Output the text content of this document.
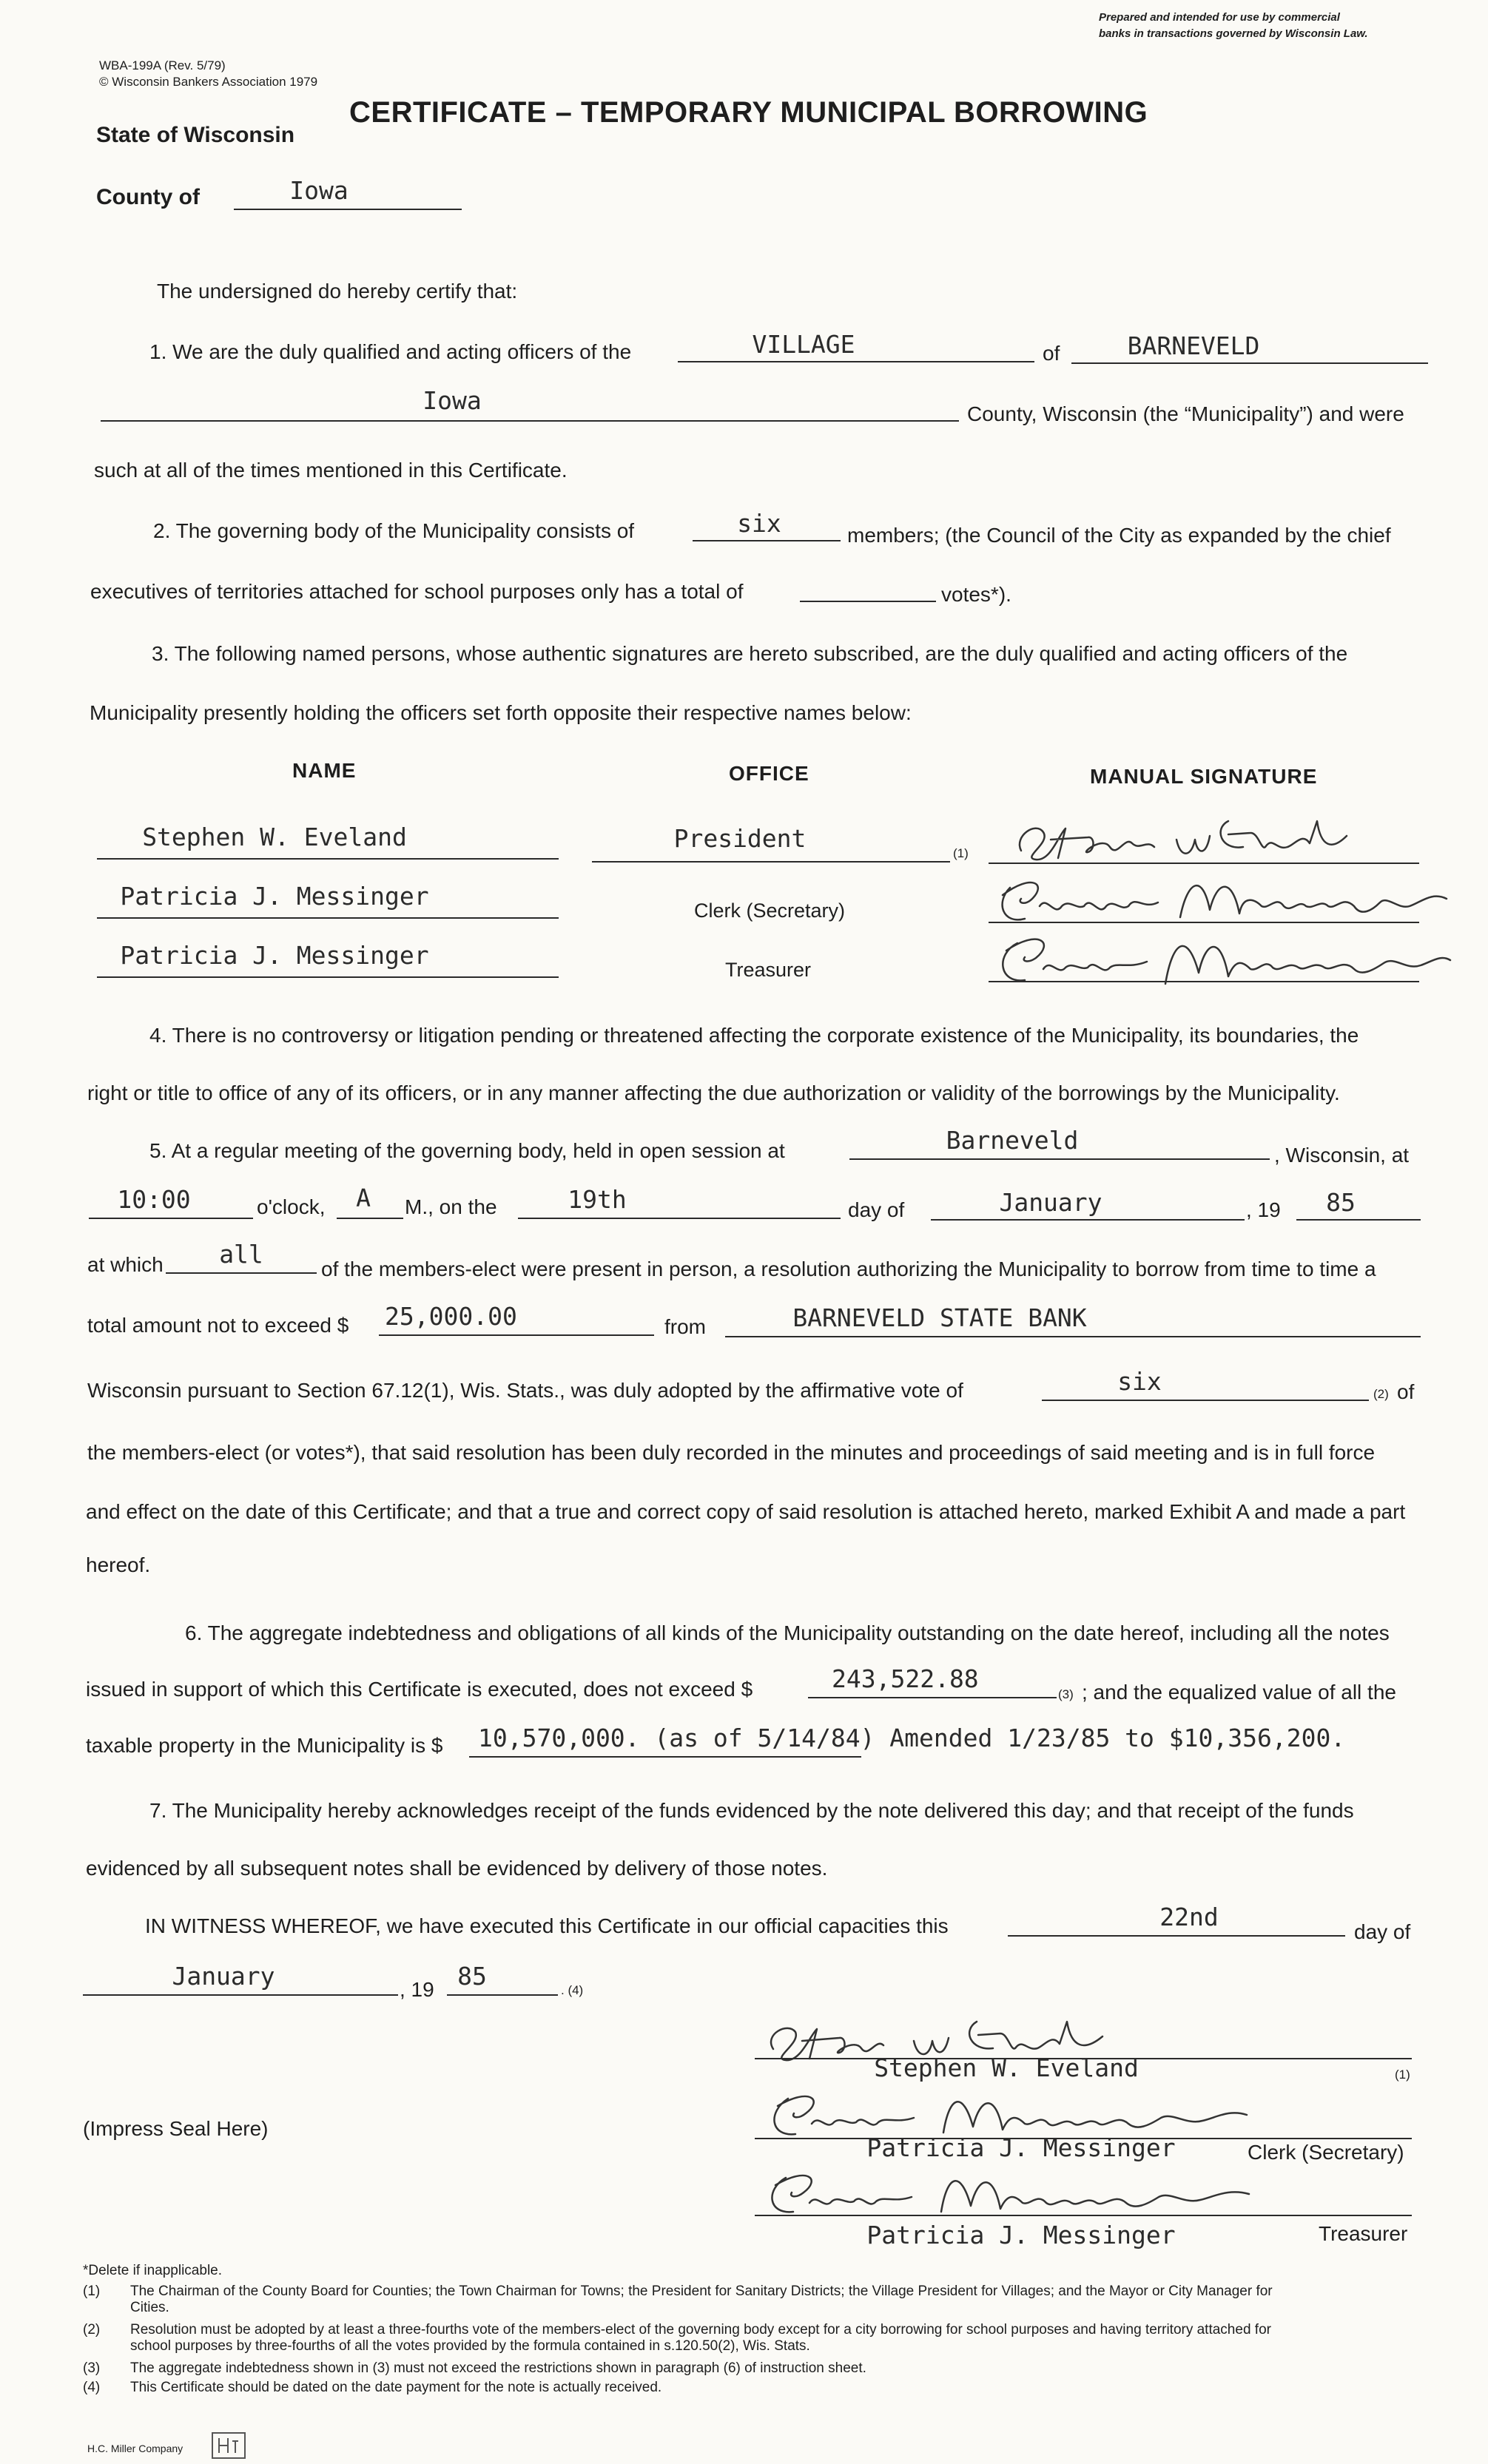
Prepared and intended for use by commercial
banks in transactions governed by Wisconsin Law.
WBA-199A (Rev. 5/79)
© Wisconsin Bankers Association 1979
CERTIFICATE – TEMPORARY MUNICIPAL BORROWING
State of Wisconsin
County of	Iowa
The undersigned do hereby certify that:
1. We are the duly qualified and acting officers of the	VILLAGE	of	BARNEVELD
Iowa	County, Wisconsin (the “Municipality”) and were
such at all of the times mentioned in this Certificate.
2. The governing body of the Municipality consists of	six	members; (the Council of the City as expanded by the chief
executives of territories attached for school purposes only has a total of	votes*).
3. The following named persons, whose authentic signatures are hereto subscribed, are the duly qualified and acting officers of the
Municipality presently holding the officers set forth opposite their respective names below:
NAME	OFFICE	MANUAL SIGNATURE
Stephen W. Eveland	President
(1)
Patricia J. Messinger	Clerk (Secretary)
Patricia J. Messinger	Treasurer
4. There is no controversy or litigation pending or threatened affecting the corporate existence of the Municipality, its boundaries, the
right or title to office of any of its officers, or in any manner affecting the due authorization or validity of the borrowings by the Municipality.
5. At a regular meeting of the governing body, held in open session at	Barneveld
, Wisconsin, at
10:00	o'clock,	A	M., on the	19th	day of	January	, 19	85
at which	all
of the members-elect were present in person, a resolution authorizing the Municipality to borrow from time to time a
total amount not to exceed $ 25,000.00	from	BARNEVELD STATE BANK
Wisconsin pursuant to Section 67.12(1), Wis. Stats., was duly adopted by the affirmative vote of	six	(2) of
the members-elect (or votes*), that said resolution has been duly recorded in the minutes and proceedings of said meeting and is in full force
and effect on the date of this Certificate; and that a true and correct copy of said resolution is attached hereto, marked Exhibit A and made a part
hereof.
6. The aggregate indebtedness and obligations of all kinds of the Municipality outstanding on the date hereof, including all the notes
issued in support of which this Certificate is executed, does not exceed $	243,522.88
(3) ; and the equalized value of all the
taxable property in the Municipality is $ 10,570,000. (as of 5/14/84) Amended 1/23/85 to $10,356,200.
7. The Municipality hereby acknowledges receipt of the funds evidenced by the note delivered this day; and that receipt of the funds
evidenced by all subsequent notes shall be evidenced by delivery of those notes.
IN WITNESS WHEREOF, we have executed this Certificate in our official capacities this	22nd
day of
January	, 19 85	. (4)
(Impress Seal Here)
Stephen W. Eveland	(1)
Patricia J. Messinger	Clerk (Secretary)
Patricia J. Messinger	Treasurer
*Delete if inapplicable.
(1) The Chairman of the County Board for Counties; the Town Chairman for Towns; the President for Sanitary Districts; the Village President for Villages; and the Mayor or City Manager for
Cities.
(2) Resolution must be adopted by at least a three-fourths vote of the members-elect of the governing body except for a city borrowing for school purposes and having territory attached for
school purposes by three-fourths of all the votes provided by the formula contained in s.120.50(2), Wis. Stats.
(3) The aggregate indebtedness shown in (3) must not exceed the restrictions shown in paragraph (6) of instruction sheet.
(4) This Certificate should be dated on the date payment for the note is actually received.
H.C. Miller Company
